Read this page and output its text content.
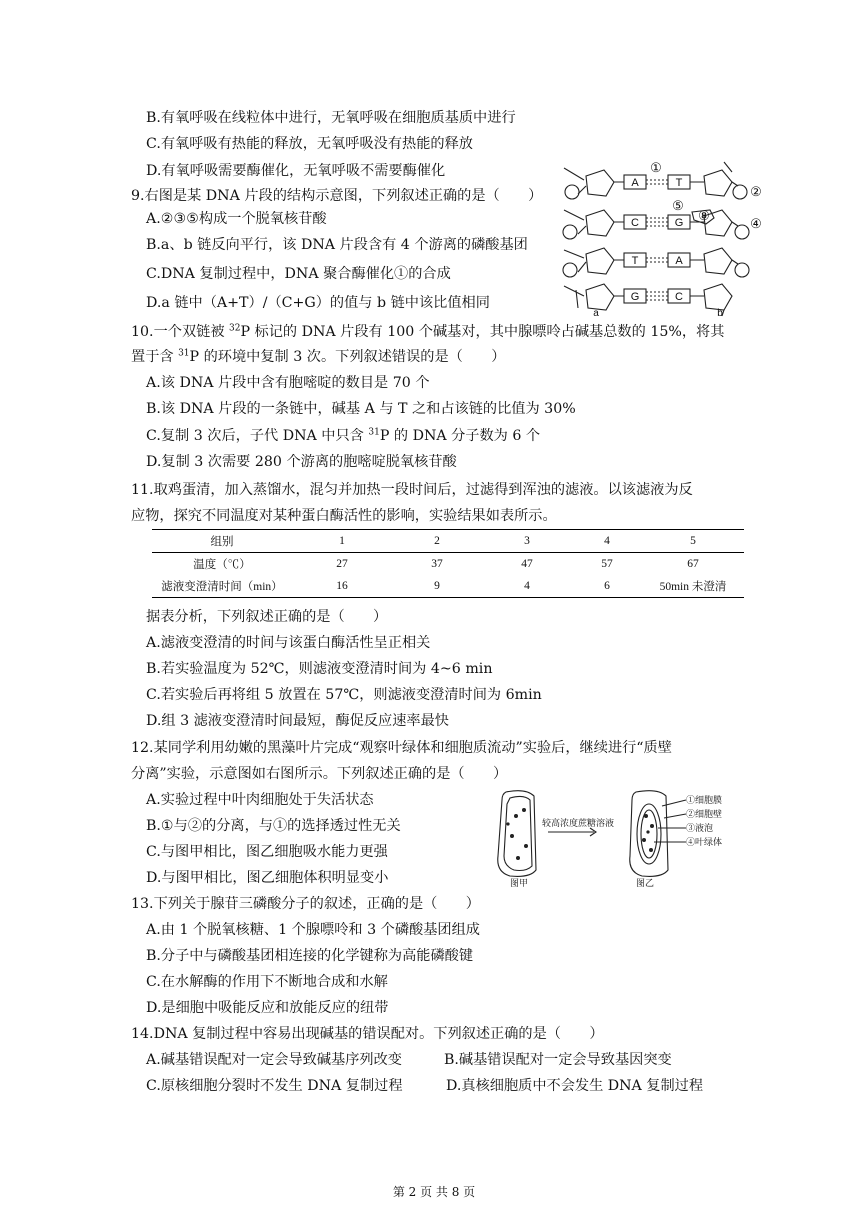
B.有氧呼吸在线粒体中进行，无氧呼吸在细胞质基质中进行
C.有氧呼吸有热能的释放，无氧呼吸没有热能的释放
D.有氧呼吸需要酶催化，无氧呼吸不需要酶催化
9.右图是某 DNA 片段的结构示意图，下列叙述正确的是（　　）
A.②③⑤构成一个脱氧核苷酸
B.a、b 链反向平行，该 DNA 片段含有 4 个游离的磷酸基团
C.DNA 复制过程中，DNA 聚合酶催化①的合成
D.a 链中（A+T）/（C+G）的值与 b 链中该比值相同
A	T
C	G
T	A
G	C
①
②
④
⑤
⑧
a	b
10.一个双链被 $^{32}$P 标记的 DNA 片段有 100 个碱基对，其中腺嘌呤占碱基总数的 15%，将其
置于含 $^{31}$P 的环境中复制 3 次。下列叙述错误的是（　　）
A.该 DNA 片段中含有胞嘧啶的数目是 70 个
B.该 DNA 片段的一条链中，碱基 A 与 T 之和占该链的比值为 30%
C.复制 3 次后，子代 DNA 中只含 $^{31}$P 的 DNA 分子数为 6 个
D.复制 3 次需要 280 个游离的胞嘧啶脱氧核苷酸
11.取鸡蛋清，加入蒸馏水，混匀并加热一段时间后，过滤得到浑浊的滤液。以该滤液为反
应物，探究不同温度对某种蛋白酶活性的影响，实验结果如表所示。
组别	1	2	3	4	5
温度（℃）	27	37	47	57	67
滤液变澄清时间（min）	16	9	4	6	50min 未澄清
据表分析，下列叙述正确的是（　　）
A.滤液变澄清的时间与该蛋白酶活性呈正相关
B.若实验温度为 52℃，则滤液变澄清时间为 4~6 min
C.若实验后再将组 5 放置在 57℃，则滤液变澄清时间为 6min
D.组 3 滤液变澄清时间最短，酶促反应速率最快
12.某同学利用幼嫩的黑藻叶片完成“观察叶绿体和细胞质流动”实验后，继续进行“质壁
分离”实验，示意图如右图所示。下列叙述正确的是（　　）
A.实验过程中叶肉细胞处于失活状态
B.①与②的分离，与①的选择透过性无关
C.与图甲相比，图乙细胞吸水能力更强
D.与图甲相比，图乙细胞体积明显变小
较高浓度蔗糖溶液
图甲	图乙
①细胞膜
②细胞壁
③液泡
④叶绿体
13.下列关于腺苷三磷酸分子的叙述，正确的是（　　）
A.由 1 个脱氧核糖、1 个腺嘌呤和 3 个磷酸基团组成
B.分子中与磷酸基团相连接的化学键称为高能磷酸键
C.在水解酶的作用下不断地合成和水解
D.是细胞中吸能反应和放能反应的纽带
14.DNA 复制过程中容易出现碱基的错误配对。下列叙述正确的是（　　）
A.碱基错误配对一定会导致碱基序列改变	B.碱基错误配对一定会导致基因突变
C.原核细胞分裂时不发生 DNA 复制过程	D.真核细胞质中不会发生 DNA 复制过程
第 2 页 共 8 页
